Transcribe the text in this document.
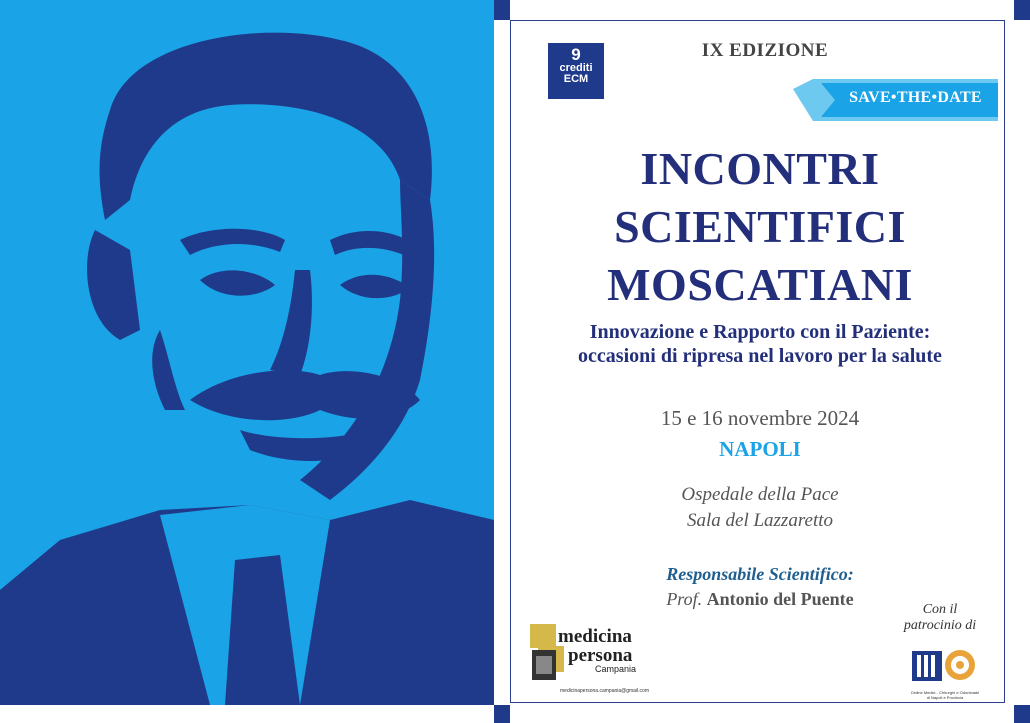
9
crediti
ECM
IX EDIZIONE
SAVE•THE•DATE
INCONTRI
SCIENTIFICI
MOSCATIANI
Innovazione e Rapporto con il Paziente:
occasioni di ripresa nel lavoro per la salute
15 e 16 novembre 2024
NAPOLI
Ospedale della Pace
Sala del Lazzaretto
Responsabile Scientifico:
Prof. Antonio del Puente
Con il
patrocinio di
medicina
persona
Campania
medicinapersona.campania@gmail.com	Ordine Medici - Chirurghi e Odontoiatri
di Napoli e Provincia
